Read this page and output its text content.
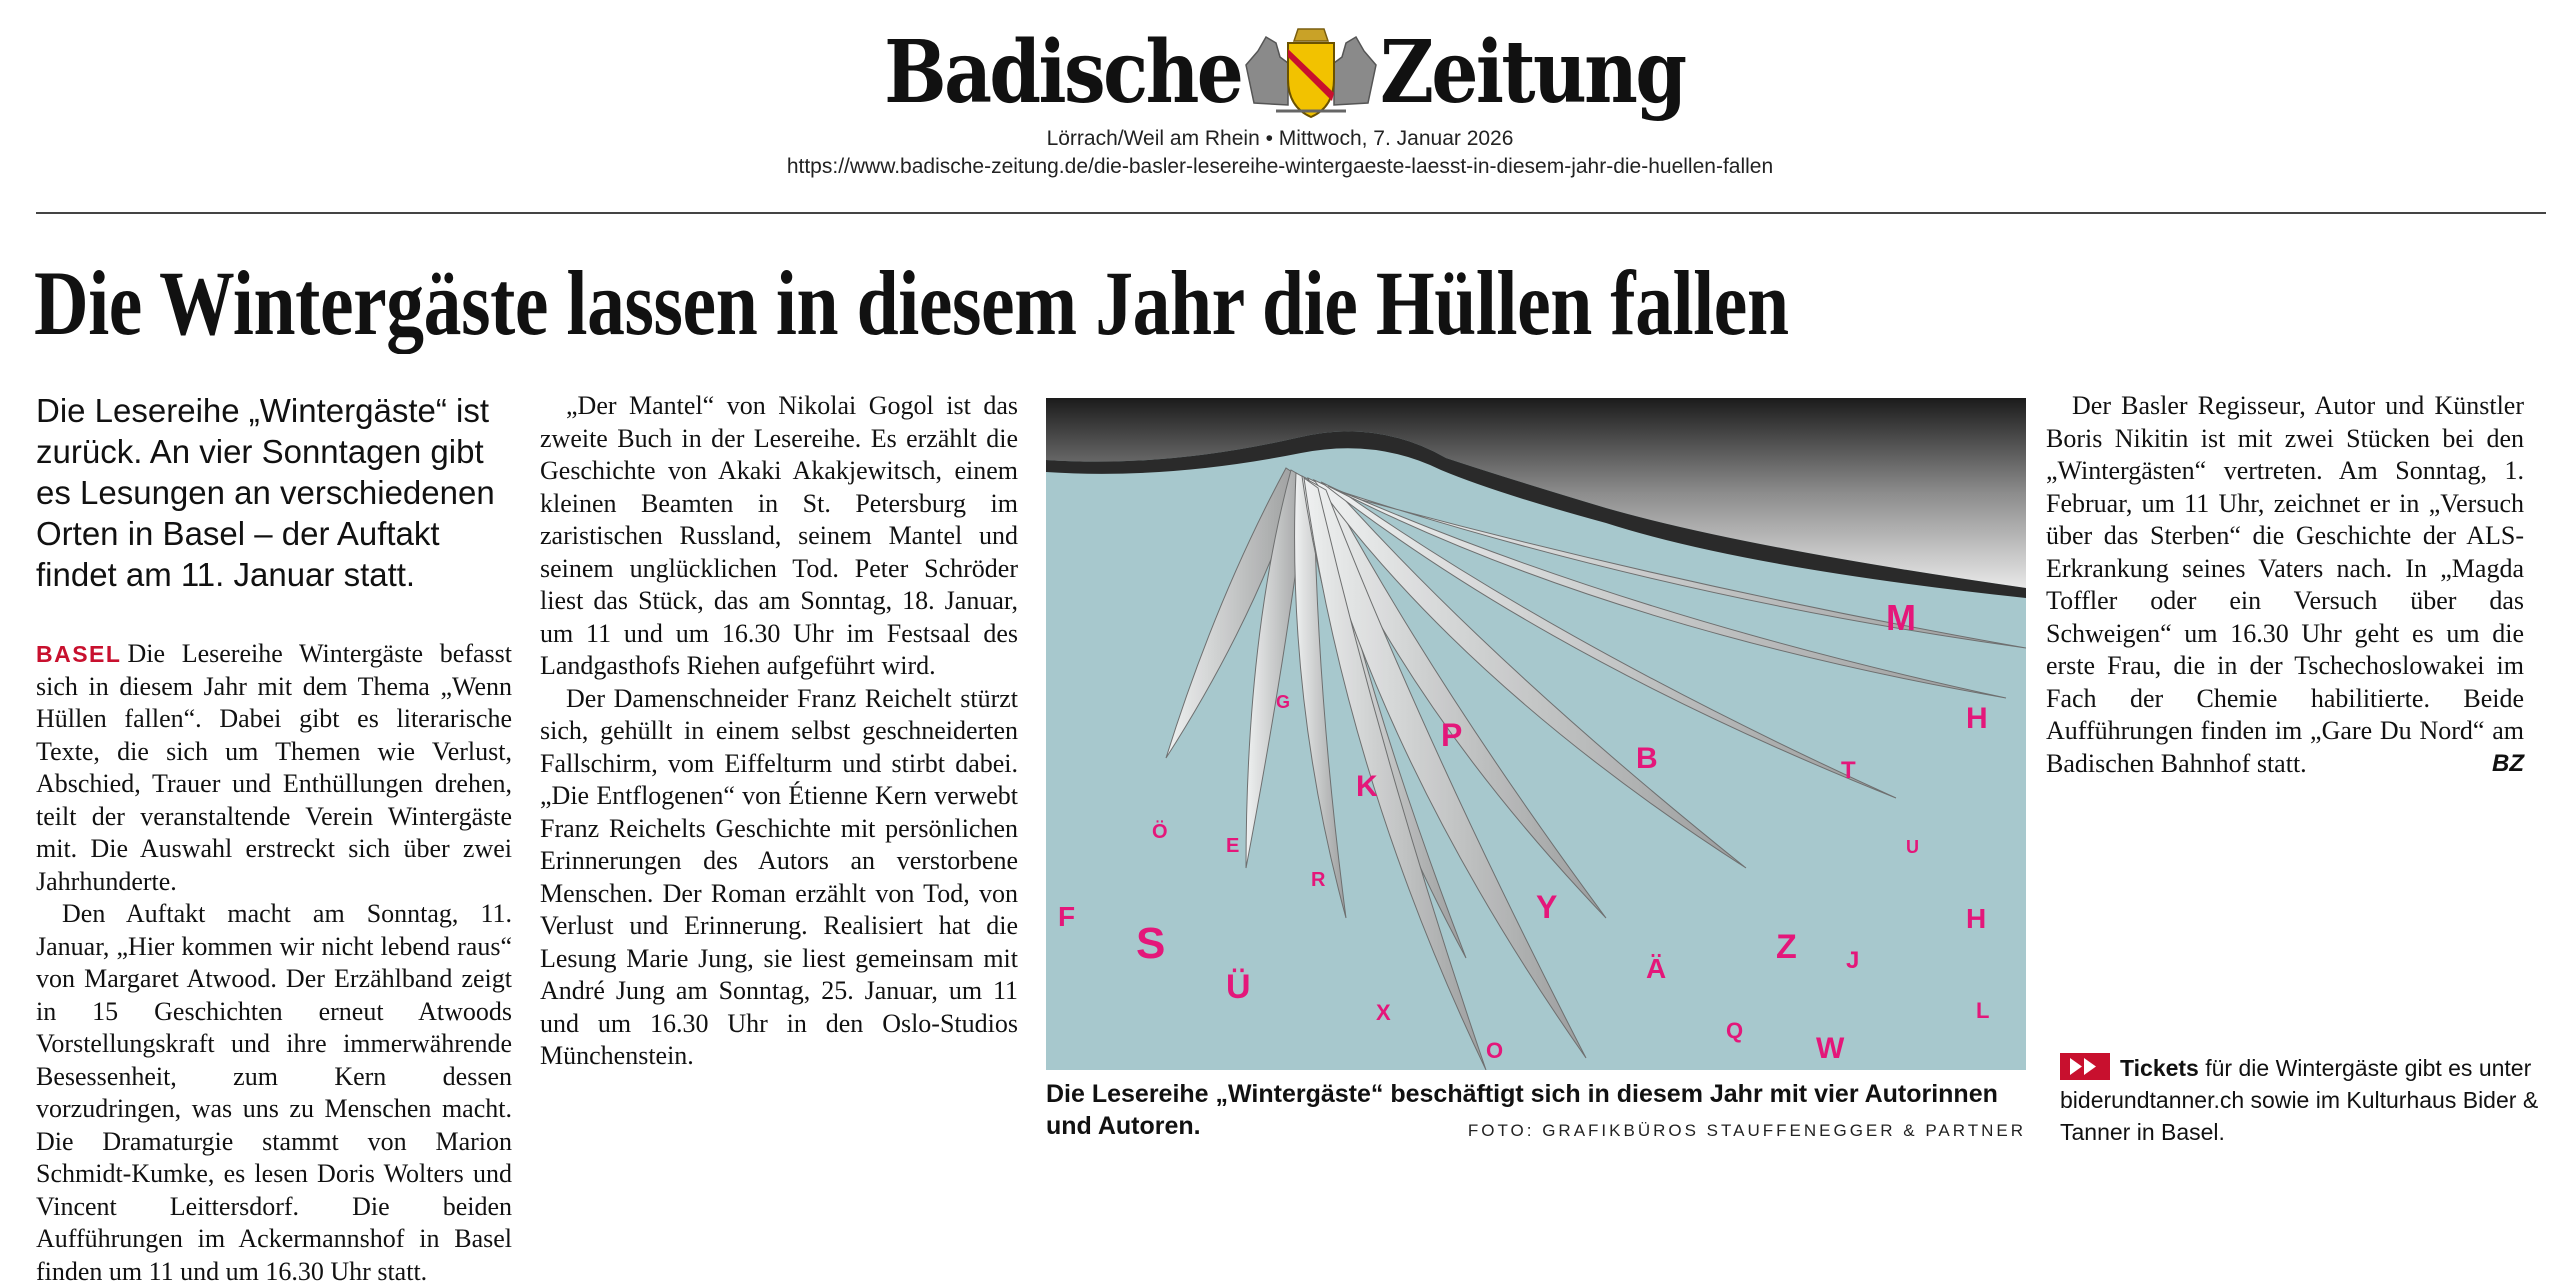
Badische Zeitung
Lörrach/Weil am Rhein • Mittwoch, 7. Januar 2026
https://www.badische-zeitung.de/die-basler-lesereihe-wintergaeste-laesst-in-diesem-jahr-die-huellen-fallen
Die Wintergäste lassen in diesem Jahr die Hüllen fallen

Die Lesereihe „Wintergäste“ ist zurück. An vier Sonntagen gibt es Lesungen an verschiedenen Orten in Basel – der Auftakt findet am 11. Januar statt.

BASEL Die Lesereihe Wintergäste befasst sich in diesem Jahr mit dem Thema „Wenn Hüllen fallen“. Dabei gibt es literarische Texte, die sich um Themen wie Verlust, Abschied, Trauer und Enthüllungen drehen, teilt der veranstaltende Verein Wintergäste mit. Die Auswahl erstreckt sich über zwei Jahrhunderte.

Den Auftakt macht am Sonntag, 11. Januar, „Hier kommen wir nicht lebend raus“ von Margaret Atwood. Der Erzählband zeigt in 15 Geschichten erneut Atwoods Vorstellungskraft und ihre immerwährende Besessenheit, zum Kern dessen vorzudringen, was uns zu Menschen macht. Die Dramaturgie stammt von Marion Schmidt-Kumke, es lesen Doris Wolters und Vincent Leittersdorf. Die beiden Aufführungen im Ackermannshof in Basel finden um 11 und um 16.30 Uhr statt.

„Der Mantel“ von Nikolai Gogol ist das zweite Buch in der Lesereihe. Es erzählt die Geschichte von Akaki Akakjewitsch, einem kleinen Beamten in St. Petersburg im zaristischen Russland, seinem Mantel und seinem unglücklichen Tod. Peter Schröder liest das Stück, das am Sonntag, 18. Januar, um 11 und um 16.30 Uhr im Festsaal des Landgasthofs Riehen aufgeführt wird.

Der Damenschneider Franz Reichelt stürzt sich, gehüllt in einem selbst geschneiderten Fallschirm, vom Eiffelturm und stirbt dabei. „Die Entflogenen“ von Étienne Kern verwebt Franz Reichelts Geschichte mit persönlichen Erinnerungen des Autors an verstorbene Menschen. Der Roman erzählt von Tod, von Verlust und Erinnerung. Realisiert hat die Lesung Marie Jung, sie liest gemeinsam mit André Jung am Sonntag, 25. Januar, um 11 und um 16.30 Uhr in den Oslo-Studios Münchenstein.

M
H
P
B	T
K
Ö
G
S
F
Ü
Y
Z
Ä	J
H
X
R
U
W
L
E
O
Q
Die Lesereihe „Wintergäste“ beschäftigt sich in diesem Jahr mit vier Autorinnen und Autoren.	FOTO: GRAFIKBÜROS STAUFFENEGGER & PARTNER

Der Basler Regisseur, Autor und Künstler Boris Nikitin ist mit zwei Stücken bei den „Wintergästen“ vertreten. Am Sonntag, 1. Februar, um 11 Uhr, zeichnet er in „Versuch über das Sterben“ die Geschichte der ALS-Erkrankung seines Vaters nach. In „Magda Toffler oder ein Versuch über das Schweigen“ um 16.30 Uhr geht es um die erste Frau, die in der Tschechoslowakei im Fach der Chemie habilitierte. Beide Aufführungen finden im „Gare Du Nord“ am Badischen Bahnhof statt.	BZ

Tickets für die Wintergäste gibt es unter biderundtanner.ch sowie im Kulturhaus Bider & Tanner in Basel.
